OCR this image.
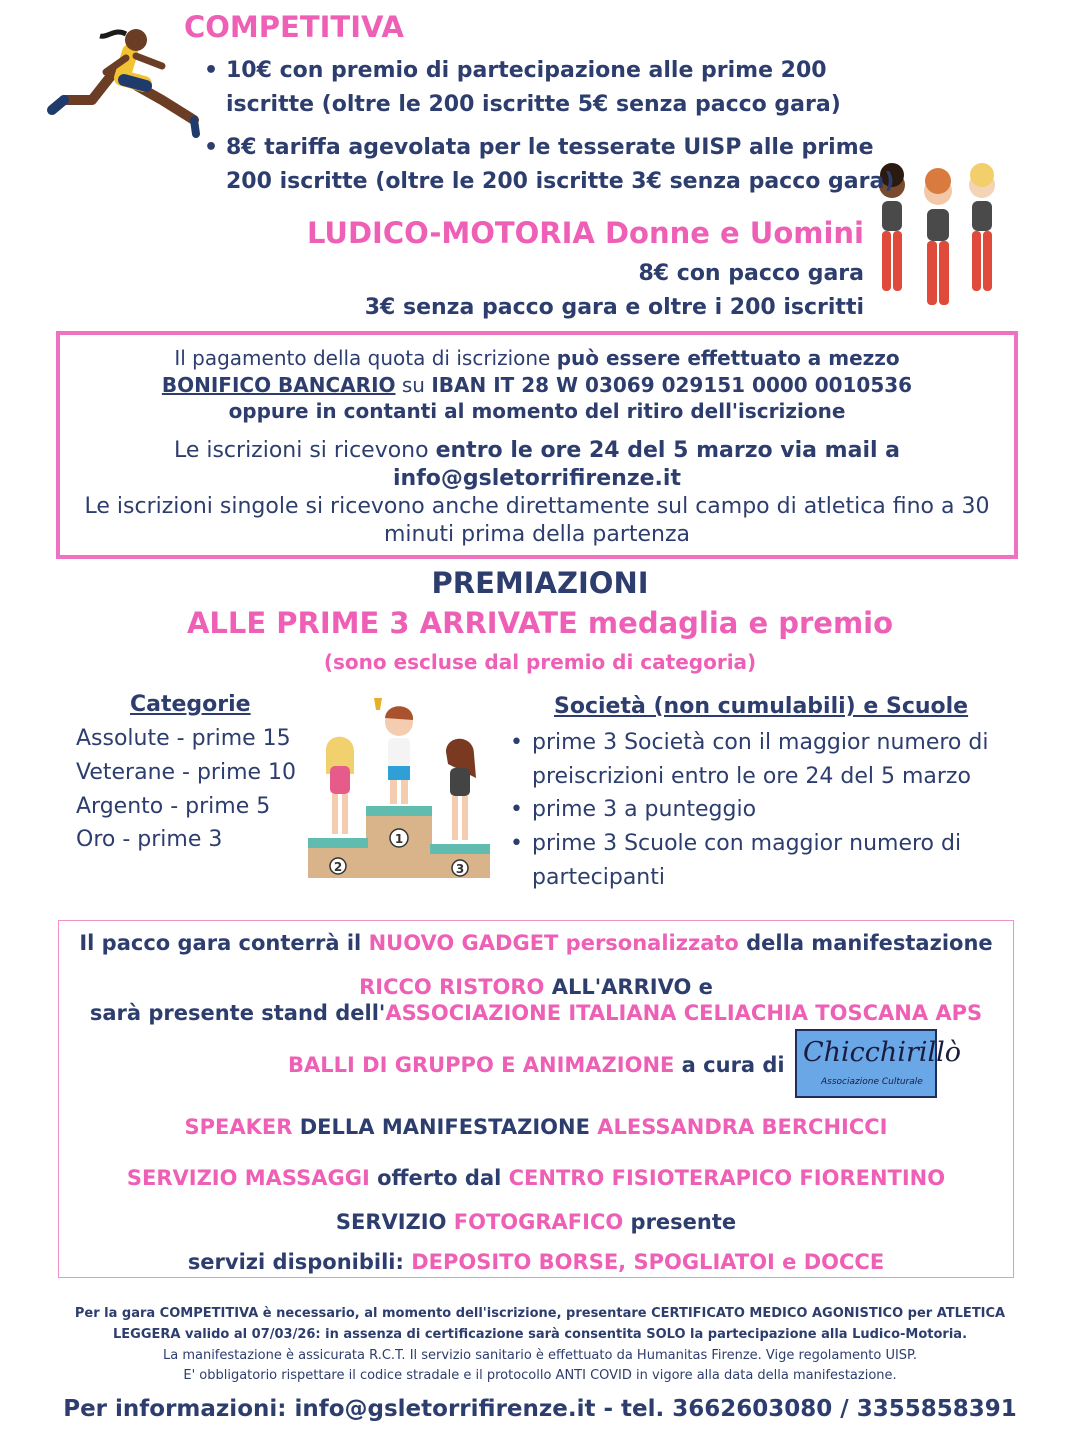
COMPETITIVA
• 10€ con premio di partecipazione alle prime 200
iscritte (oltre le 200 iscritte 5€ senza pacco gara)
• 8€ tariffa agevolata per le tesserate UISP alle prime
200 iscritte (oltre le 200 iscritte 3€ senza pacco gara)
LUDICO-MOTORIA Donne e Uomini
8€ con pacco gara
3€ senza pacco gara e oltre i 200 iscritti
Il pagamento della quota di iscrizione può essere effettuato a mezzo
BONIFICO BANCARIO su IBAN IT 28 W 03069 029151 0000 0010536
oppure in contanti al momento del ritiro dell'iscrizione
Le iscrizioni si ricevono entro le ore 24 del 5 marzo via mail a
info@gsletorrifirenze.it
Le iscrizioni singole si ricevono anche direttamente sul campo di atletica fino a 30
minuti prima della partenza
PREMIAZIONI
ALLE PRIME 3 ARRIVATE medaglia e premio
(sono escluse dal premio di categoria)
Categorie
Assolute - prime 15
Veterane - prime 10
Argento - prime 5
Oro - prime 3	1
2	3
Società (non cumulabili) e Scuole
• prime 3 Società con il maggior numero di
preiscrizioni entro le ore 24 del 5 marzo
• prime 3 a punteggio
• prime 3 Scuole con maggior numero di
partecipanti
Il pacco gara conterrà il NUOVO GADGET personalizzato della manifestazione
RICCO RISTORO ALL'ARRIVO e
sarà presente stand dell'ASSOCIAZIONE ITALIANA CELIACHIA TOSCANA APS
BALLI DI GRUPPO E ANIMAZIONE a cura di
SPEAKER DELLA MANIFESTAZIONE ALESSANDRA BERCHICCI
SERVIZIO MASSAGGI offerto dal CENTRO FISIOTERAPICO FIORENTINO
SERVIZIO FOTOGRAFICO presente
servizi disponibili: DEPOSITO BORSE, SPOGLIATOI e DOCCE
Chicchirillò
Associazione Culturale
Per la gara COMPETITIVA è necessario, al momento dell'iscrizione, presentare CERTIFICATO MEDICO AGONISTICO per ATLETICA
LEGGERA valido al 07/03/26: in assenza di certificazione sarà consentita SOLO la partecipazione alla Ludico-Motoria.
La manifestazione è assicurata R.C.T. Il servizio sanitario è effettuato da Humanitas Firenze. Vige regolamento UISP.
E' obbligatorio rispettare il codice stradale e il protocollo ANTI COVID in vigore alla data della manifestazione.
Per informazioni: info@gsletorrifirenze.it - tel. 3662603080 / 3355858391
